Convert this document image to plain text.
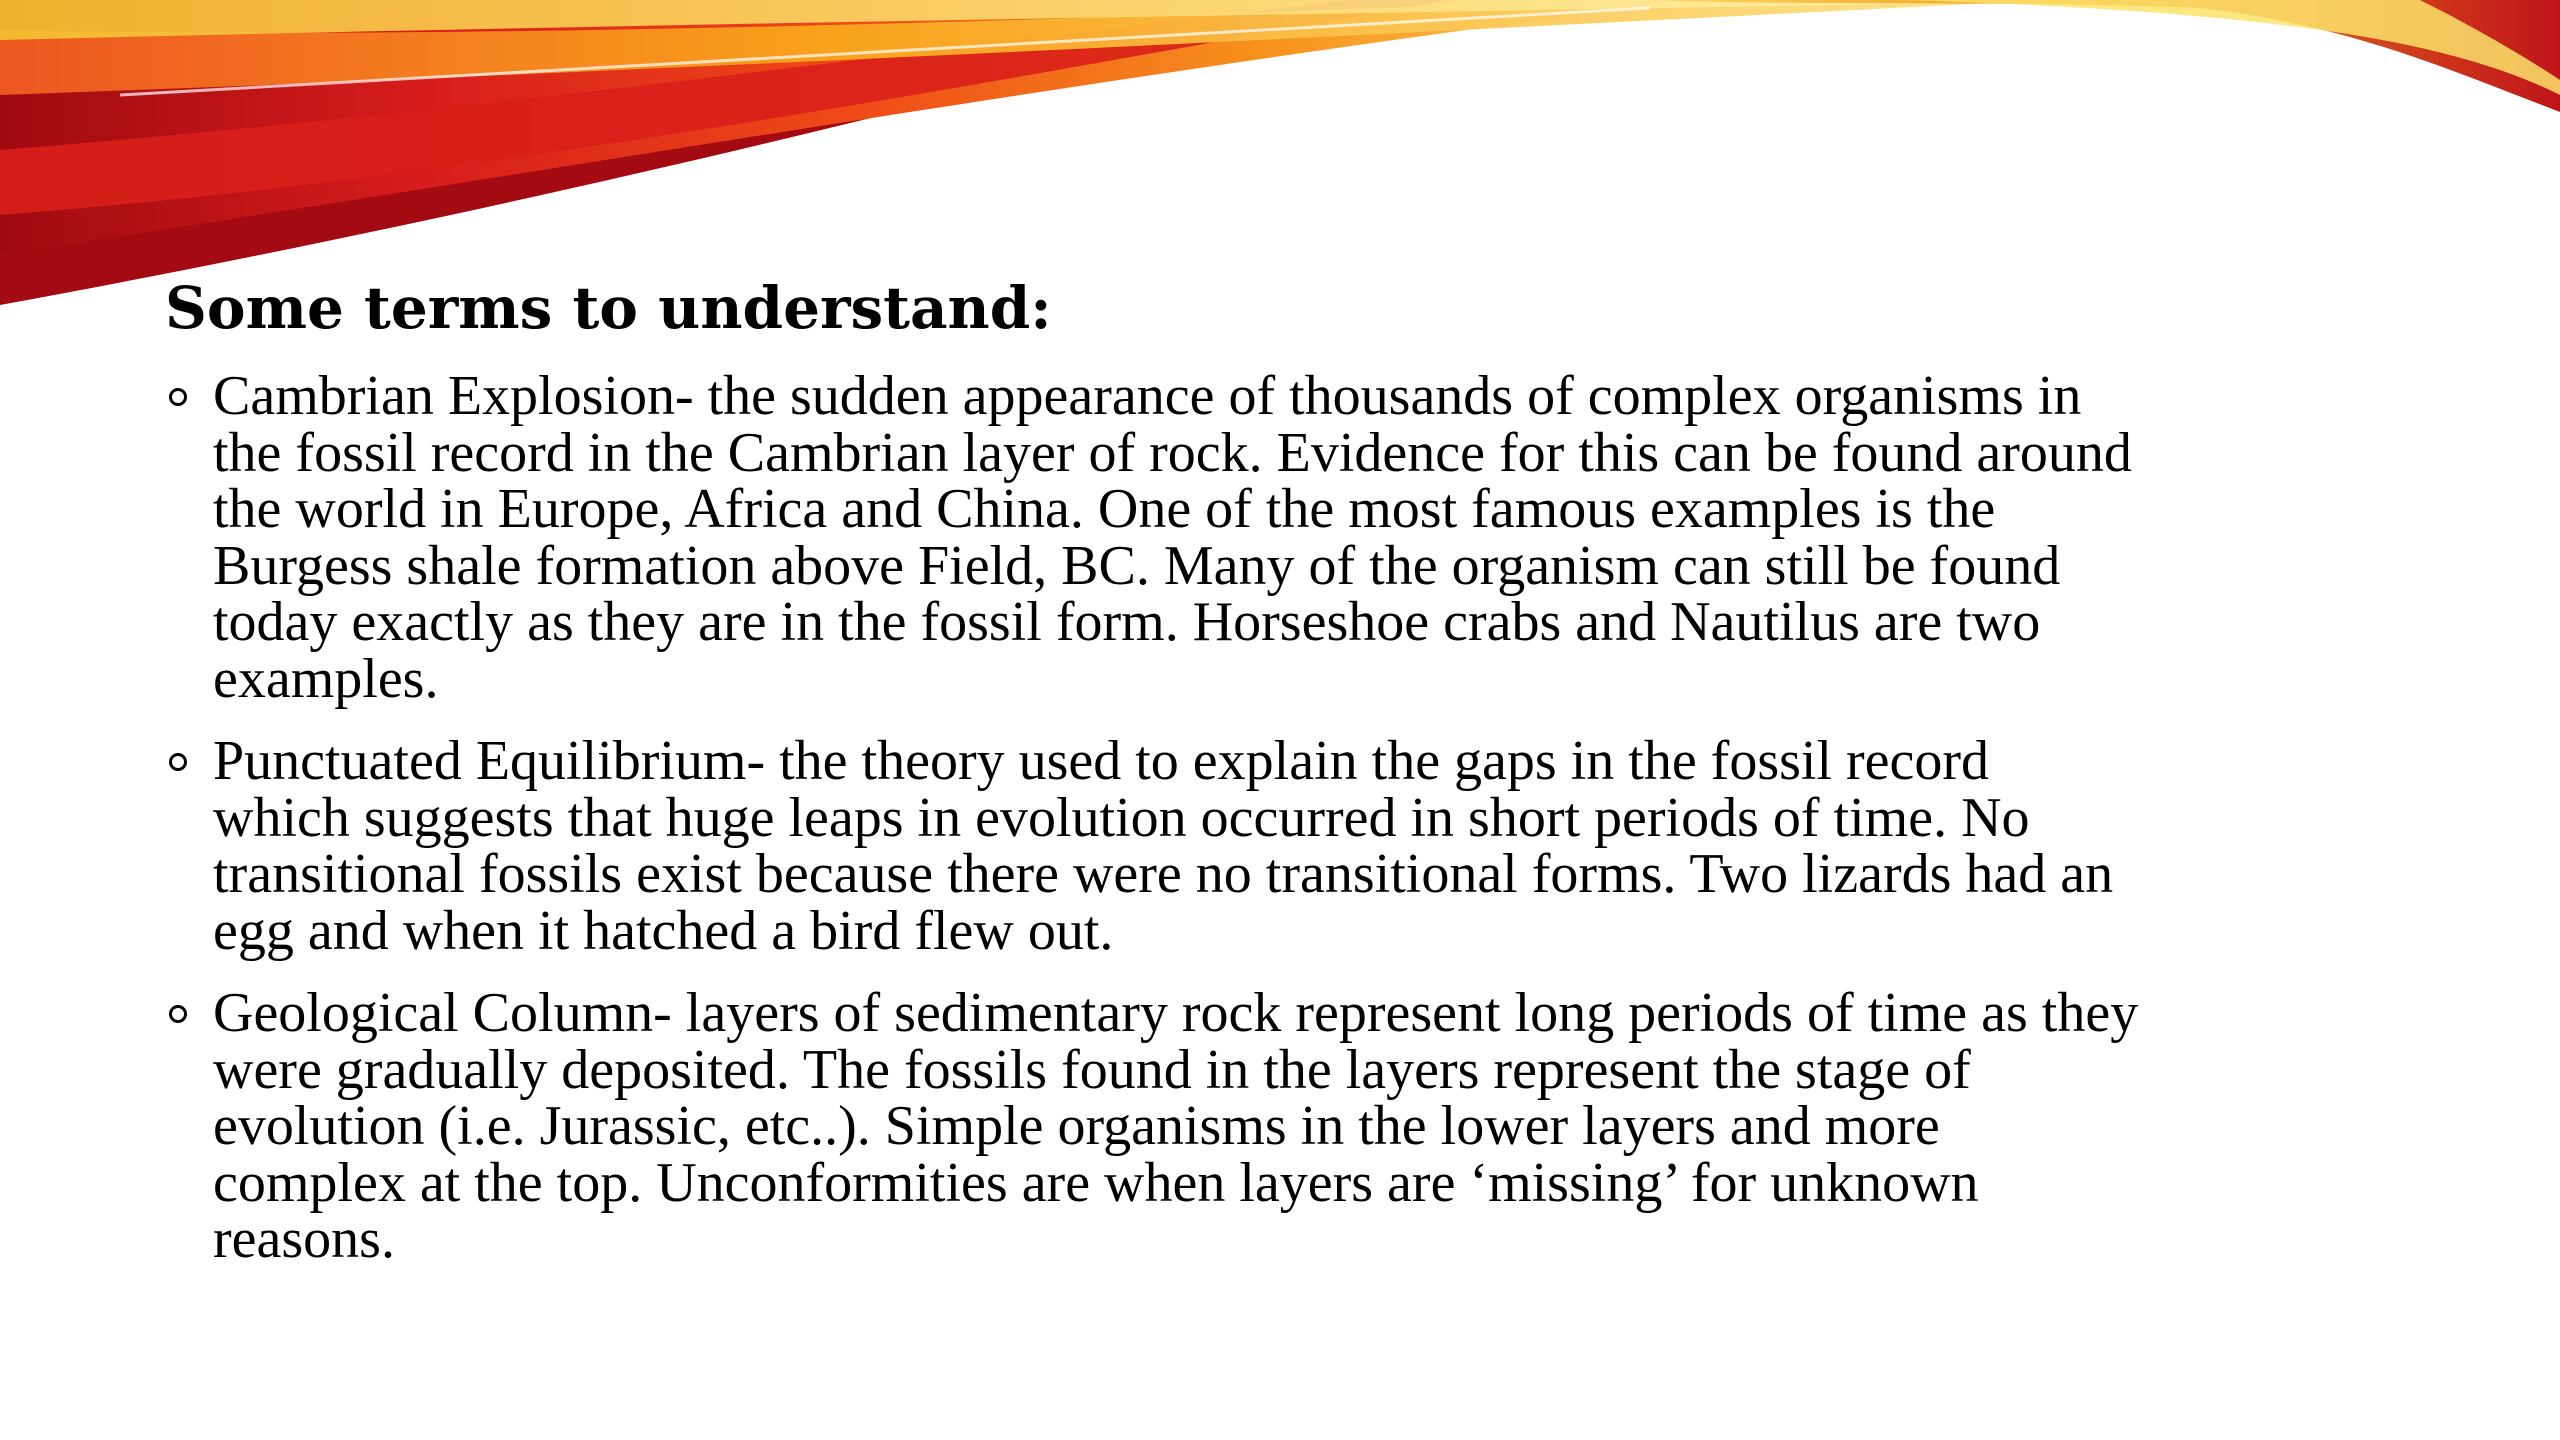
Some terms to understand:
Cambrian Explosion- the sudden appearance of thousands of complex organisms in
the fossil record in the Cambrian layer of rock. Evidence for this can be found around
the world in Europe, Africa and China. One of the most famous examples is the
Burgess shale formation above Field, BC. Many of the organism can still be found
today exactly as they are in the fossil form. Horseshoe crabs and Nautilus are two
examples.
Punctuated Equilibrium- the theory used to explain the gaps in the fossil record
which suggests that huge leaps in evolution occurred in short periods of time. No
transitional fossils exist because there were no transitional forms. Two lizards had an
egg and when it hatched a bird flew out.
Geological Column- layers of sedimentary rock represent long periods of time as they
were gradually deposited. The fossils found in the layers represent the stage of
evolution (i.e. Jurassic, etc..). Simple organisms in the lower layers and more
complex at the top. Unconformities are when layers are ‘missing’ for unknown
reasons.
